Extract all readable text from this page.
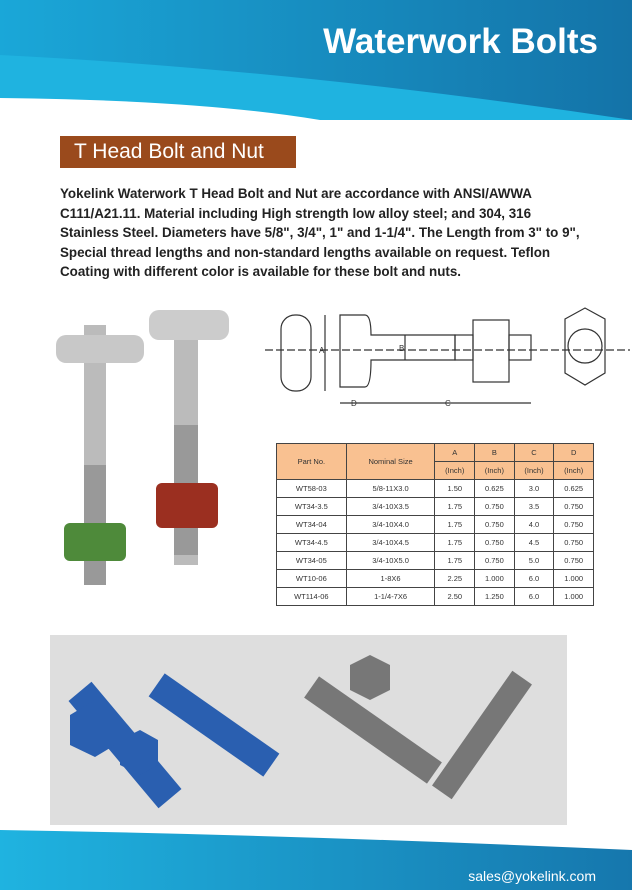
Waterwork Bolts
T Head Bolt and Nut
Yokelink Waterwork T Head Bolt and Nut are accordance with ANSI/AWWA C111/A21.11. Material including High strength low alloy steel; and 304, 316 Stainless Steel. Diameters have 5/8", 3/4", 1" and 1-1/4". The Length from 3" to 9", Special thread lengths and non-standard lengths available on request. Teflon Coating with different color is available for these bolt and nuts.
A	B
C
D
Part No.	Nominal Size	A	B	C	D
		(Inch)	(Inch)	(Inch)	(Inch)
WT58-03	5/8-11X3.0	1.50	0.625	3.0	0.625
WT34-3.5	3/4-10X3.5	1.75	0.750	3.5	0.750
WT34-04	3/4-10X4.0	1.75	0.750	4.0	0.750
WT34-4.5	3/4-10X4.5	1.75	0.750	4.5	0.750
WT34-05	3/4-10X5.0	1.75	0.750	5.0	0.750
WT10-06	1-8X6	2.25	1.000	6.0	1.000
WT114-06	1-1/4-7X6	2.50	1.250	6.0	1.000
sales@yokelink.com
